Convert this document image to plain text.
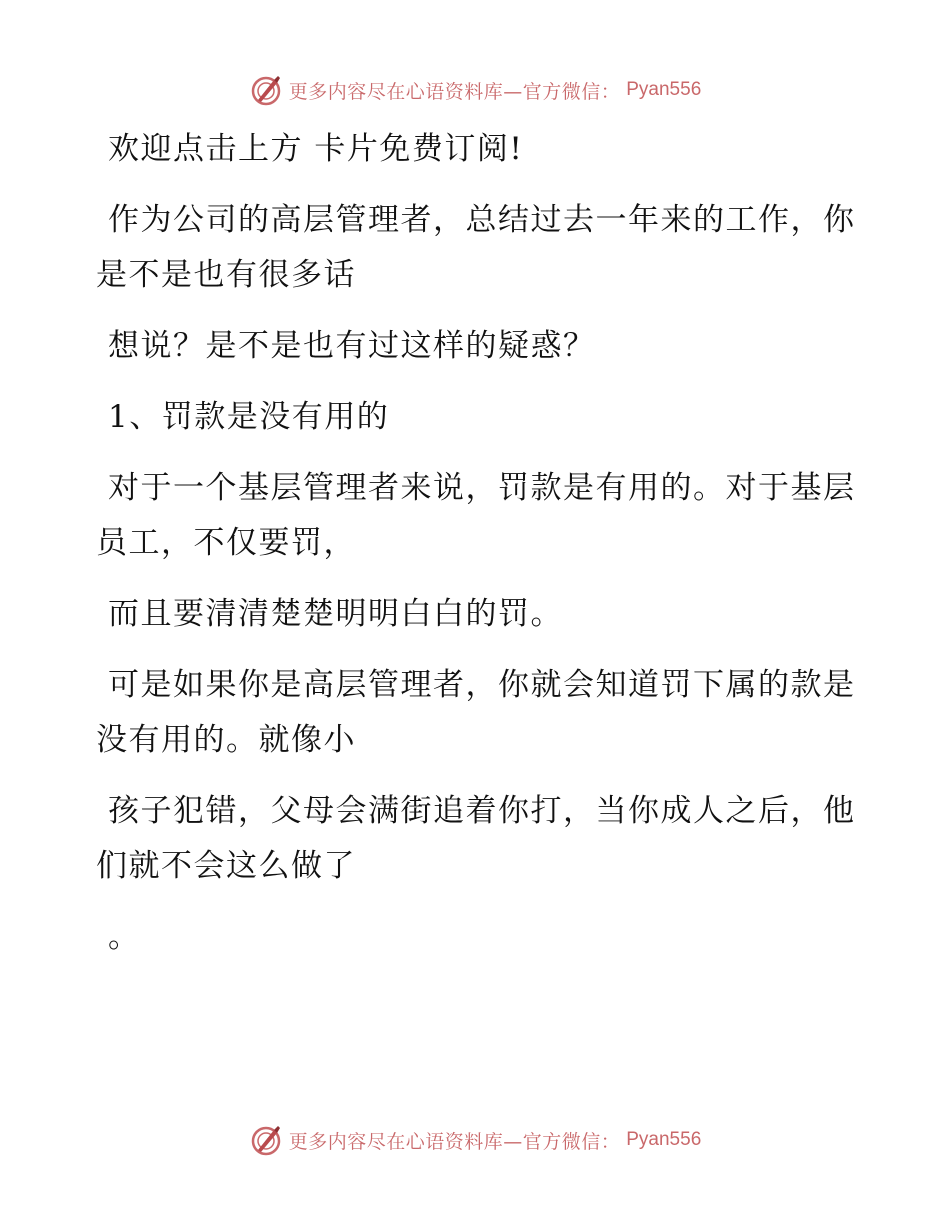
更多内容尽在心语资料库—官方微信： Pyan556

欢迎点击上方 卡片免费订阅!

作为公司的高层管理者，总结过去一年来的工作，你是不是也有很多话

想说？是不是也有过这样的疑惑？

1、罚款是没有用的

对于一个基层管理者来说，罚款是有用的。对于基层员工，不仅要罚，

而且要清清楚楚明明白白的罚。

可是如果你是高层管理者，你就会知道罚下属的款是没有用的。就像小

孩子犯错，父母会满街追着你打，当你成人之后，他们就不会这么做了

。

更多内容尽在心语资料库—官方微信： Pyan556
